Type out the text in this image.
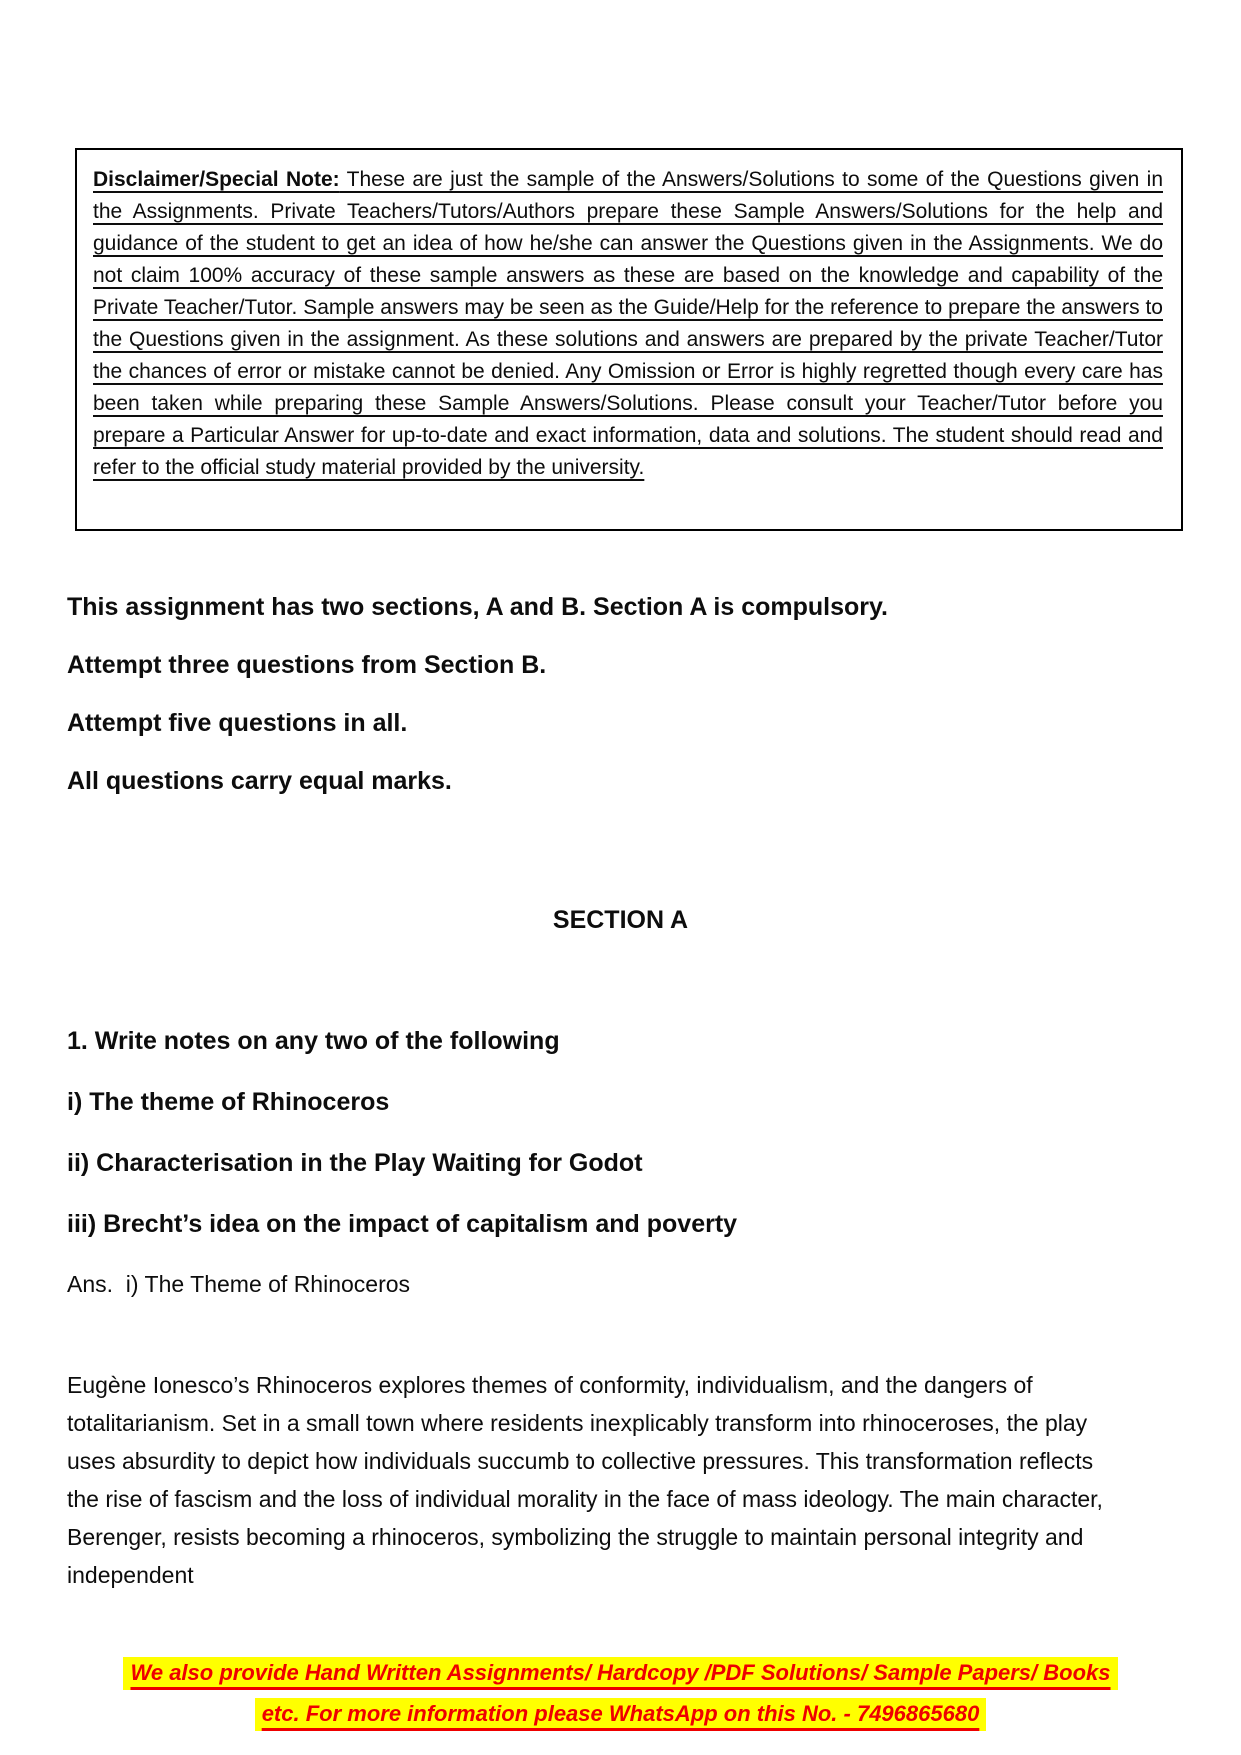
Disclaimer/Special Note: These are just the sample of the Answers/Solutions to some of the Questions given in the Assignments. Private Teachers/Tutors/Authors prepare these Sample Answers/Solutions for the help and guidance of the student to get an idea of how he/she can answer the Questions given in the Assignments. We do not claim 100% accuracy of these sample answers as these are based on the knowledge and capability of the Private Teacher/Tutor. Sample answers may be seen as the Guide/Help for the reference to prepare the answers to the Questions given in the assignment. As these solutions and answers are prepared by the private Teacher/Tutor the chances of error or mistake cannot be denied. Any Omission or Error is highly regretted though every care has been taken while preparing these Sample Answers/Solutions. Please consult your Teacher/Tutor before you prepare a Particular Answer for up-to-date and exact information, data and solutions. The student should read and refer to the official study material provided by the university.

This assignment has two sections, A and B. Section A is compulsory.

Attempt three questions from Section B.

Attempt five questions in all.

All questions carry equal marks.

SECTION A

1. Write notes on any two of the following

i) The theme of Rhinoceros

ii) Characterisation in the Play Waiting for Godot

iii) Brecht’s idea on the impact of capitalism and poverty

Ans.  i) The Theme of Rhinoceros

Eugène Ionesco’s Rhinoceros explores themes of conformity, individualism, and the dangers of totalitarianism. Set in a small town where residents inexplicably transform into rhinoceroses, the play uses absurdity to depict how individuals succumb to collective pressures. This transformation reflects the rise of fascism and the loss of individual morality in the face of mass ideology. The main character, Berenger, resists becoming a rhinoceros, symbolizing the struggle to maintain personal integrity and independent

We also provide Hand Written Assignments/ Hardcopy /PDF Solutions/ Sample Papers/ Books etc. For more information please WhatsApp on this No. - 7496865680
